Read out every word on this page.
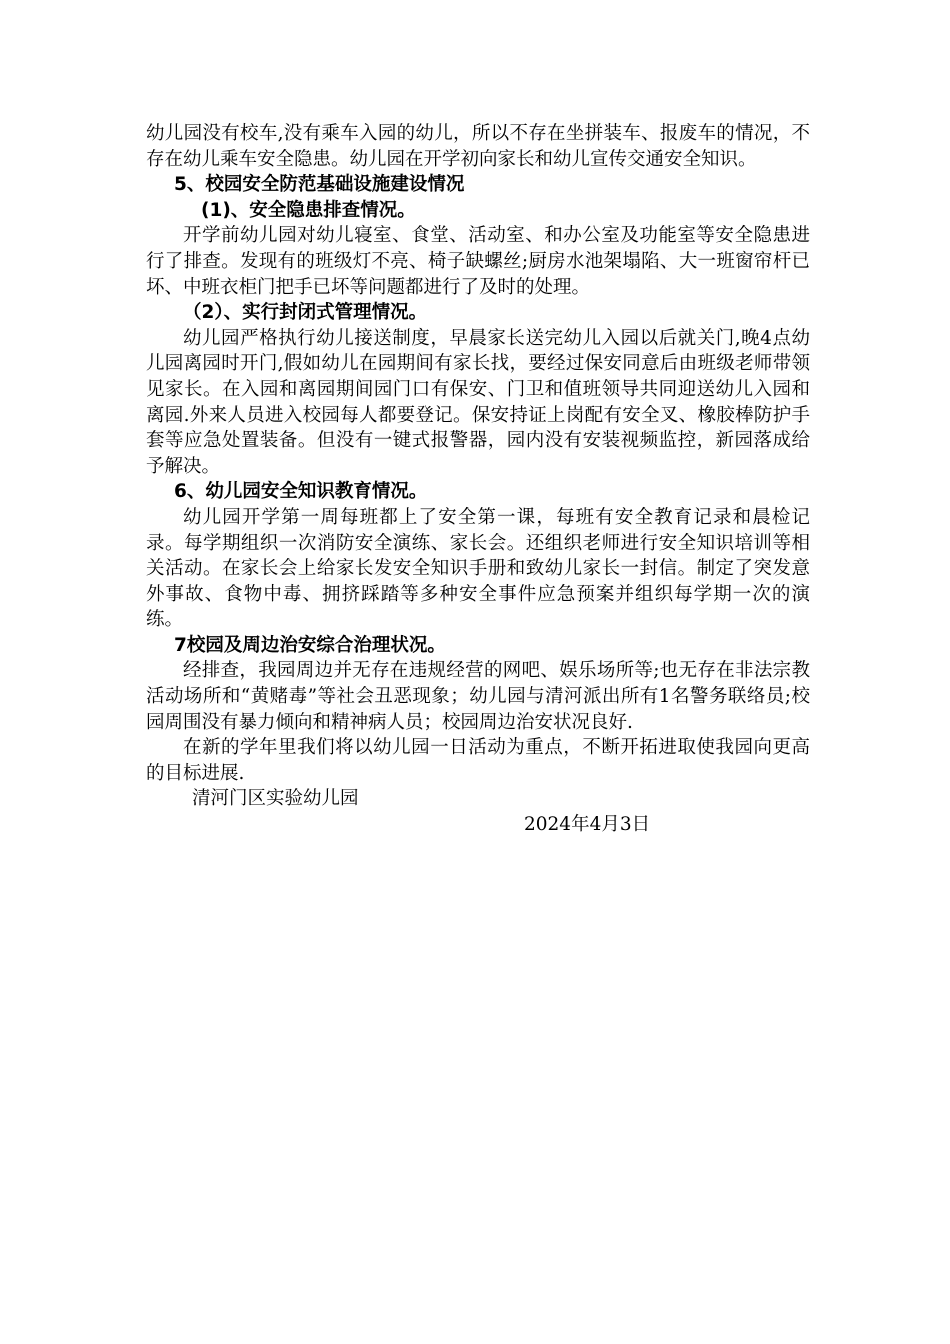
幼儿园没有校车,没有乘车入园的幼儿，所以不存在坐拼装车、报废车的情况，不存在幼儿乘车安全隐患。幼儿园在开学初向家长和幼儿宣传交通安全知识。

5、校园安全防范基础设施建设情况

(1)、安全隐患排查情况。

开学前幼儿园对幼儿寝室、食堂、活动室、和办公室及功能室等安全隐患进行了排查。发现有的班级灯不亮、椅子缺螺丝;厨房水池架塌陷、大一班窗帘杆已坏、中班衣柜门把手已坏等问题都进行了及时的处理。

（2）、实行封闭式管理情况。

幼儿园严格执行幼儿接送制度，早晨家长送完幼儿入园以后就关门,晚4点幼儿园离园时开门,假如幼儿在园期间有家长找，要经过保安同意后由班级老师带领见家长。在入园和离园期间园门口有保安、门卫和值班领导共同迎送幼儿入园和离园.外来人员进入校园每人都要登记。保安持证上岗配有安全叉、橡胶棒防护手套等应急处置装备。但没有一键式报警器，园内没有安装视频监控，新园落成给予解决。

6、幼儿园安全知识教育情况。

幼儿园开学第一周每班都上了安全第一课，每班有安全教育记录和晨检记录。每学期组织一次消防安全演练、家长会。还组织老师进行安全知识培训等相关活动。在家长会上给家长发安全知识手册和致幼儿家长一封信。制定了突发意外事故、食物中毒、拥挤踩踏等多种安全事件应急预案并组织每学期一次的演练。

7校园及周边治安综合治理状况。

经排查，我园周边并无存在违规经营的网吧、娱乐场所等;也无存在非法宗教活动场所和“黄赌毒”等社会丑恶现象；幼儿园与清河派出所有1名警务联络员;校园周围没有暴力倾向和精神病人员；校园周边治安状况良好.

在新的学年里我们将以幼儿园一日活动为重点，不断开拓进取使我园向更高的目标进展.

清河门区实验幼儿园

2024年4月3日
